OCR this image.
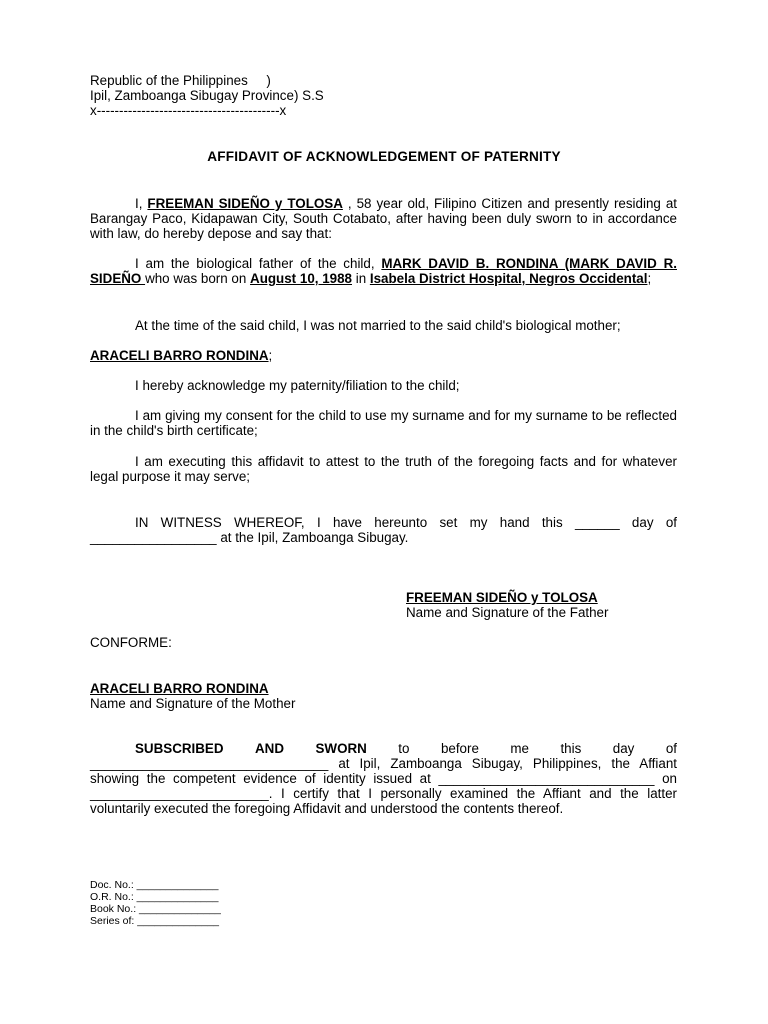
Republic of the Philippines     )
Ipil, Zamboanga Sibugay Province) S.S
x-----------------------------------------x
AFFIDAVIT OF ACKNOWLEDGEMENT OF PATERNITY
I, FREEMAN SIDEÑO y TOLOSA , 58 year old, Filipino Citizen and presently residing at Barangay Paco, Kidapawan City, South Cotabato, after having been duly sworn to in accordance with law, do hereby depose and say that:
I am the biological father of the child, MARK DAVID B. RONDINA (MARK DAVID R. SIDEÑO who was born on August 10, 1988 in Isabela District Hospital, Negros Occidental;
At the time of the said child, I was not married to the said child's biological mother;
ARACELI BARRO RONDINA;
I hereby acknowledge my paternity/filiation to the child;
I am giving my consent for the child to use my surname and for my surname to be reflected in the child's birth certificate;
I am executing this affidavit to attest to the truth of the foregoing facts and for whatever legal purpose it may serve;
IN WITNESS WHEREOF, I have hereunto set my hand this ______ day of _________________ at the Ipil, Zamboanga Sibugay.
FREEMAN SIDEÑO y TOLOSA
Name and Signature of the Father
CONFORME:
ARACELI BARRO RONDINA
Name and Signature of the Mother
SUBSCRIBED AND SWORN to before me this day of
________________________________ at Ipil, Zamboanga Sibugay, Philippines, the Affiant showing the competent evidence of identity issued at _____________________________ on ________________________. I certify that I personally examined the Affiant and the latter voluntarily executed the foregoing Affidavit and understood the contents thereof.
Doc. No.: ______________
O.R. No.: ______________
Book No.: ______________
Series of: ______________
